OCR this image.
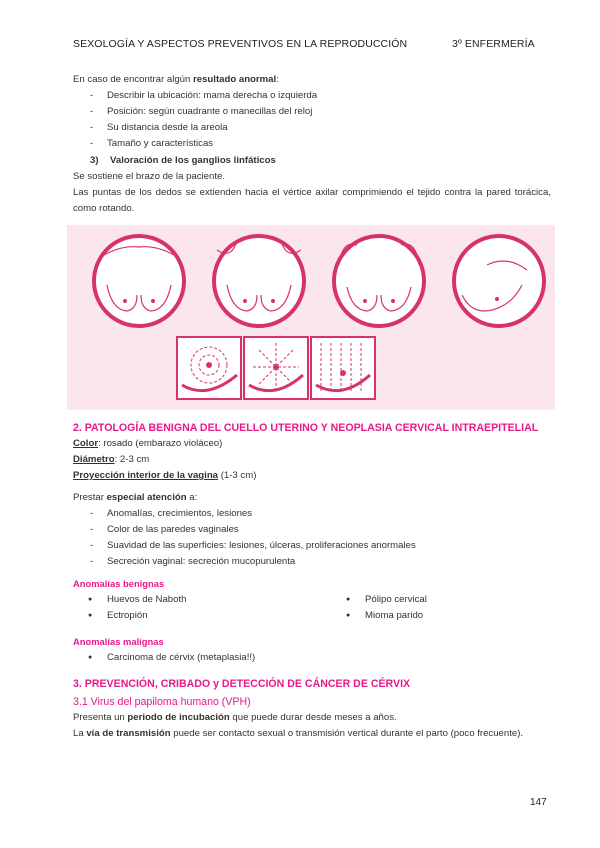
SEXOLOGÍA Y ASPECTOS PREVENTIVOS EN LA REPRODUCCIÓN	3º ENFERMERÍA

En caso de encontrar algún resultado anormal:

- Describir la ubicación: mama derecha o izquierda
- Posición: según cuadrante o manecillas del reloj
- Su distancia desde la areola
- Tamaño y características

3) Valoración de los ganglios linfáticos

Se sostiene el brazo de la paciente.

Las puntas de los dedos se extienden hacia el vértice axilar comprimiendo el tejido contra la pared torácica, como rotando.

2. PATOLOGÍA BENIGNA DEL CUELLO UTERINO Y NEOPLASIA CERVICAL INTRAEPITELIAL

Color: rosado (embarazo violáceo)

Diámetro: 2-3 cm

Proyección interior de la vagina (1-3 cm)

Prestar especial atención a:

- Anomalías, crecimientos, lesiones
- Color de las paredes vaginales
- Suavidad de las superficies: lesiones, úlceras, proliferaciones anormales
- Secreción vaginal: secreción mucopurulenta

Anomalías benignas

● Huevos de Naboth	● Pólipo cervical
● Ectropión	● Mioma parido

Anomalías malignas

● Carcinoma de cérvix (metaplasia!!)

3. PREVENCIÓN, CRIBADO y DETECCIÓN DE CÁNCER DE CÉRVIX

3.1 Virus del papiloma humano (VPH)

Presenta un periodo de incubación que puede durar desde meses a años.

La vía de transmisión puede ser contacto sexual o transmisión vertical durante el parto (poco frecuente).

147
